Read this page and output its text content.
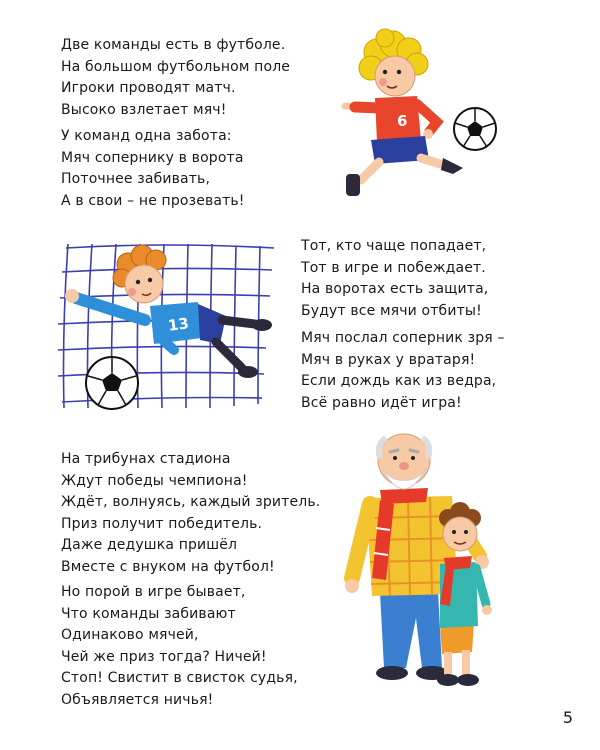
Две команды есть в футболе.
На большом футбольном поле
Игроки проводят матч.
Высоко взлетает мяч!
У команд одна забота:
Мяч сопернику в ворота
Поточнее забивать,
А в свои – не прозевать!
Тот, кто чаще попадает,
Тот в игре и побеждает.
На воротах есть защита,
Будут все мячи отбиты!
Мяч послал соперник зря –
Мяч в руках у вратаря!
Если дождь как из ведра,
Всё равно идёт игра!
На трибунах стадиона
Ждут победы чемпиона!
Ждёт, волнуясь, каждый зритель.
Приз получит победитель.
Даже дедушка пришёл
Вместе с внуком на футбол!
Но порой в игре бывает,
Что команды забивают
Одинаково мячей,
Чей же приз тогда? Ничей!
Стоп! Свистит в свисток судья,
Объявляется ничья!
6
13
5
